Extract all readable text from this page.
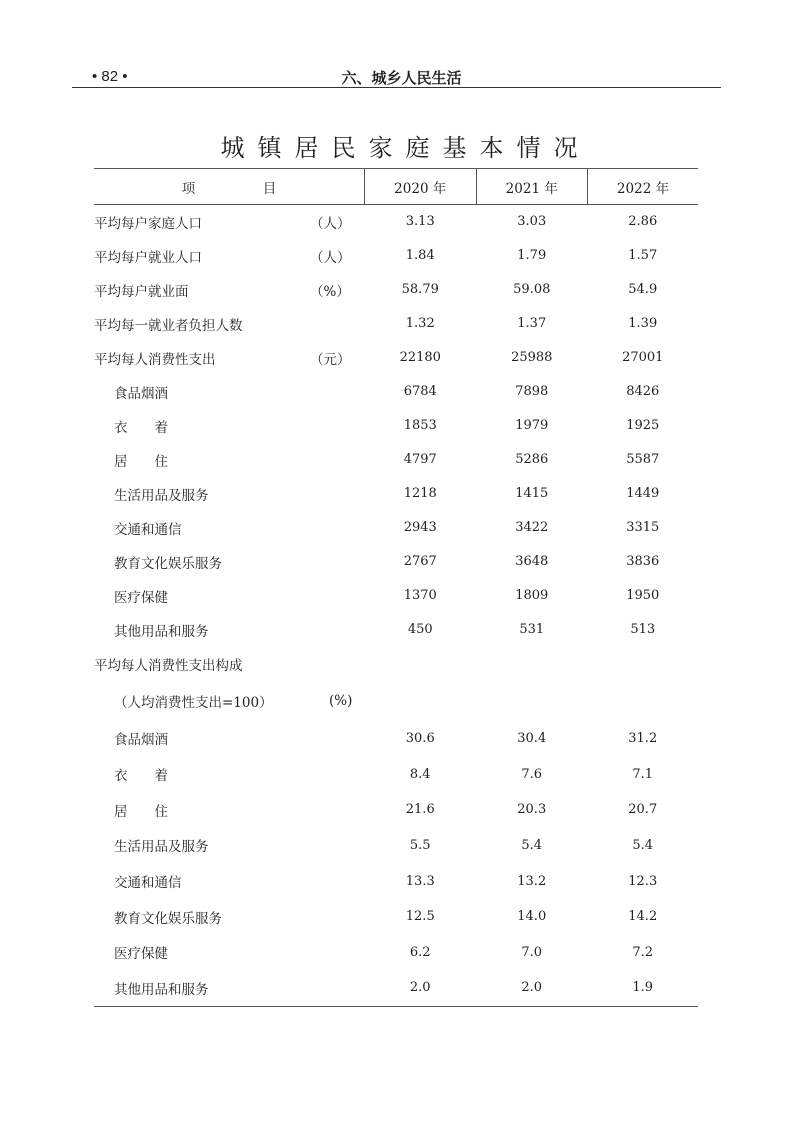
• 82 •	六、城乡人民生活
城镇居民家庭基本情况
项　　　　　目	2020 年	2021 年	2022 年
平均每户家庭人口 （人）	3.13	3.03	2.86
平均每户就业人口 （人）	1.84	1.79	1.57
平均每户就业面 （%）	58.79	59.08	54.9
平均每一就业者负担人数	1.32	1.37	1.39
平均每人消费性支出 （元）	22180	25988	27001
食品烟酒	6784	7898	8426
衣　　着	1853	1979	1925
居　　住	4797	5286	5587
生活用品及服务	1218	1415	1449
交通和通信	2943	3422	3315
教育文化娱乐服务	2767	3648	3836
医疗保健	1370	1809	1950
其他用品和服务	450	531	513
平均每人消费性支出构成			
（人均消费性支出=100） (%)			

食品烟酒	30.6	30.4	31.2
衣　　着	8.4	7.6	7.1
居　　住	21.6	20.3	20.7
生活用品及服务	5.5	5.4	5.4
交通和通信	13.3	13.2	12.3
教育文化娱乐服务	12.5	14.0	14.2
医疗保健	6.2	7.0	7.2
其他用品和服务	2.0	2.0	1.9
